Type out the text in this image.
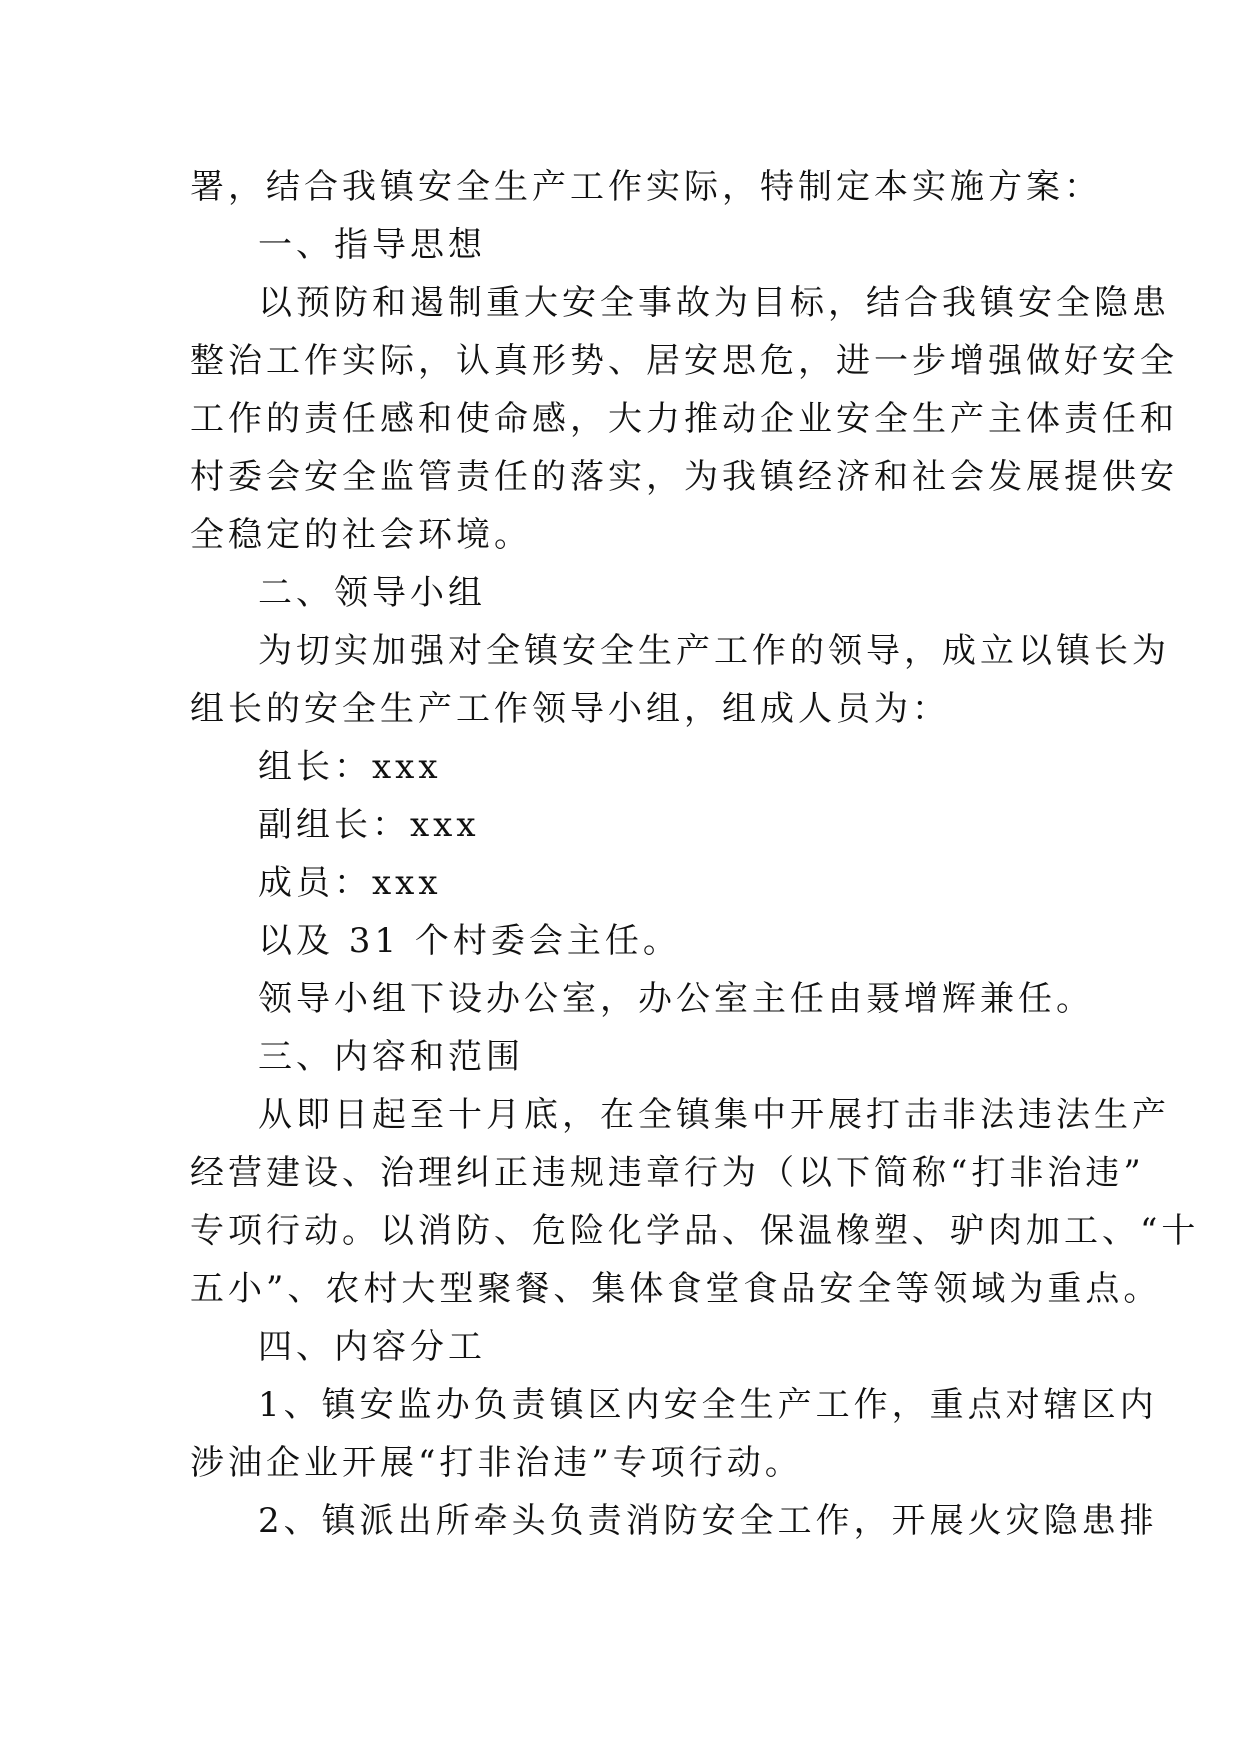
署，结合我镇安全生产工作实际，特制定本实施方案：
一、指导思想
以预防和遏制重大安全事故为目标，结合我镇安全隐患
整治工作实际，认真形势、居安思危，进一步增强做好安全
工作的责任感和使命感，大力推动企业安全生产主体责任和
村委会安全监管责任的落实，为我镇经济和社会发展提供安
全稳定的社会环境。
二、领导小组
为切实加强对全镇安全生产工作的领导，成立以镇长为
组长的安全生产工作领导小组，组成人员为：
组长：xxx
副组长：xxx
成员：xxx
以及 31 个村委会主任。
领导小组下设办公室，办公室主任由聂增辉兼任。
三、内容和范围
从即日起至十月底，在全镇集中开展打击非法违法生产
经营建设、治理纠正违规违章行为（以下简称“打非治违”
专项行动。以消防、危险化学品、保温橡塑、驴肉加工、“十
五小”、农村大型聚餐、集体食堂食品安全等领域为重点。
四、内容分工
1、镇安监办负责镇区内安全生产工作，重点对辖区内
涉油企业开展“打非治违”专项行动。
2、镇派出所牵头负责消防安全工作，开展火灾隐患排
